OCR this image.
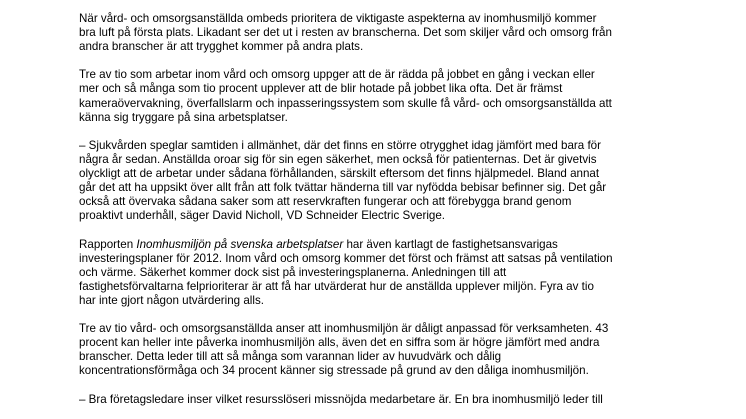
När vård- och omsorgsanställda ombeds prioritera de viktigaste aspekterna av inomhusmiljö kommer
bra luft på första plats. Likadant ser det ut i resten av branscherna. Det som skiljer vård och omsorg från
andra branscher är att trygghet kommer på andra plats.

Tre av tio som arbetar inom vård och omsorg uppger att de är rädda på jobbet en gång i veckan eller
mer och så många som tio procent upplever att de blir hotade på jobbet lika ofta. Det är främst
kameraövervakning, överfallslarm och inpasseringssystem som skulle få vård- och omsorgsanställda att
känna sig tryggare på sina arbetsplatser.

– Sjukvården speglar samtiden i allmänhet, där det finns en större otrygghet idag jämfört med bara för
några år sedan. Anställda oroar sig för sin egen säkerhet, men också för patienternas. Det är givetvis
olyckligt att de arbetar under sådana förhållanden, särskilt eftersom det finns hjälpmedel. Bland annat
går det att ha uppsikt över allt från att folk tvättar händerna till var nyfödda bebisar befinner sig. Det går
också att övervaka sådana saker som att reservkraften fungerar och att förebygga brand genom
proaktivt underhåll, säger David Nicholl, VD Schneider Electric Sverige.

Rapporten Inomhusmiljön på svenska arbetsplatser har även kartlagt de fastighetsansvarigas
investeringsplaner för 2012. Inom vård och omsorg kommer det först och främst att satsas på ventilation
och värme. Säkerhet kommer dock sist på investeringsplanerna. Anledningen till att
fastighetsförvaltarna felprioriterar är att få har utvärderat hur de anställda upplever miljön. Fyra av tio
har inte gjort någon utvärdering alls.

Tre av tio vård- och omsorgsanställda anser att inomhusmiljön är dåligt anpassad för verksamheten. 43
procent kan heller inte påverka inomhusmiljön alls, även det en siffra som är högre jämfört med andra
branscher. Detta leder till att så många som varannan lider av huvudvärk och dålig
koncentrationsförmåga och 34 procent känner sig stressade på grund av den dåliga inomhusmiljön.

– Bra företagsledare inser vilket resursslöseri missnöjda medarbetare är. En bra inomhusmiljö leder till
